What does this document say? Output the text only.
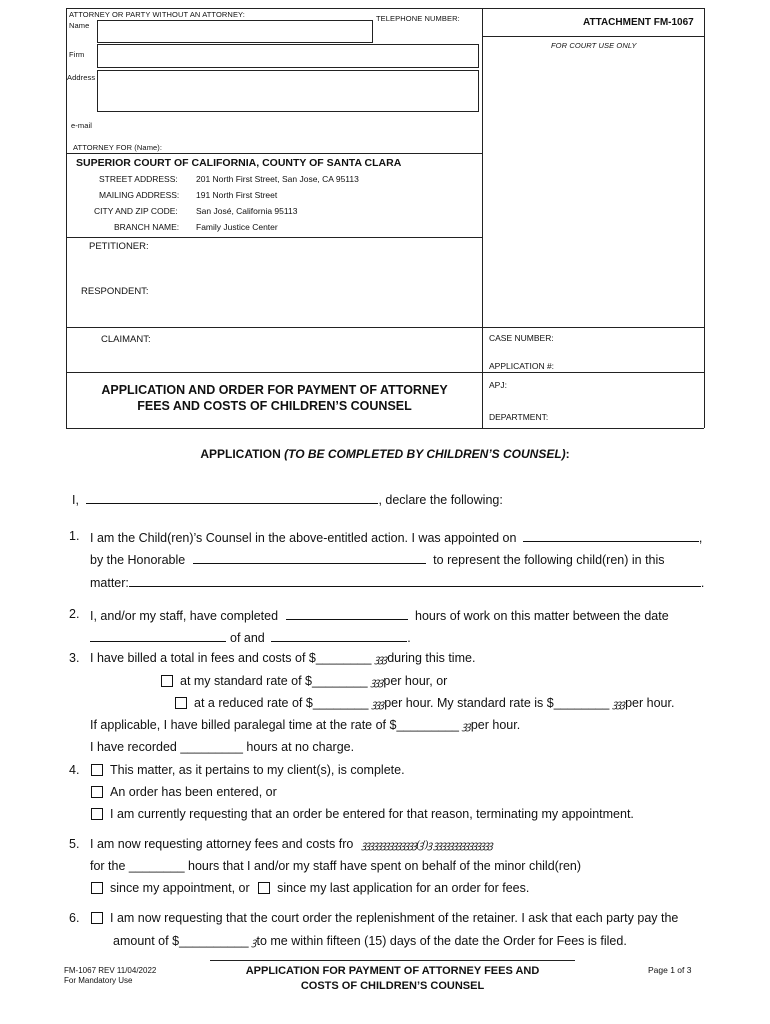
ATTORNEY OR PARTY WITHOUT AN ATTORNEY:	TELEPHONE NUMBER:
Name
Firm
Address
e-mail
ATTORNEY FOR (Name):
ATTACHMENT FM-1067
FOR COURT USE ONLY
SUPERIOR COURT OF CALIFORNIA, COUNTY OF SANTA CLARA
STREET ADDRESS: 201 North First Street, San Jose, CA 95113
MAILING ADDRESS: 191 North First Street
CITY AND ZIP CODE: San José, California 95113
BRANCH NAME: Family Justice Center
PETITIONER:
RESPONDENT:
CLAIMANT:	CASE NUMBER:
APPLICATION #:
APJ:
DEPARTMENT:
APPLICATION AND ORDER FOR PAYMENT OF ATTORNEY
FEES AND COSTS OF CHILDREN’S COUNSEL
APPLICATION (TO BE COMPLETED BY CHILDREN’S COUNSEL):
I,	, declare the following:
1. I am the Child(ren)’s Counsel in the above-entitled action. I was appointed on	,
by the Honorable	to represent the following child(ren) in this
matter:	.
2. I, and/or my staff, have completed	hours of work on this matter between the date
of and	.
3. I have billed a total in fees and costs of $________ ꝫꝫꝫduring this time.
at my standard rate of $________ ꝫꝫꝫper hour, or
at a reduced rate of $________ ꝫꝫꝫper hour. My standard rate is $________ ꝫꝫꝫper hour.
If applicable, I have billed paralegal time at the rate of $_________ ꝫꝫper hour.
I have recorded _________ hours at no charge.
4.	This matter, as it pertains to my client(s), is complete.
An order has been entered, or
I am currently requesting that an order be entered for that reason, terminating my appointment.
5. I am now requesting attorney fees and costs fro ꝫꝫꝫꝫꝫꝫꝫꝫꝫꝫꝫꝫꝫꝫ(ꝫ’)ꝫ ꝫꝫꝫꝫꝫꝫꝫꝫꝫꝫꝫꝫꝫꝫꝫ
for the ________ hours that I and/or my staff have spent on behalf of the minor child(ren)
since my appointment, or since my last application for an order for fees.
6.	I am now requesting that the court order the replenishment of the retainer. I ask that each party pay the
amount of $__________ ꝫto me within fifteen (15) days of the date the Order for Fees is filed.
FM-1067 REV 11/04/2022
For Mandatory Use
APPLICATION FOR PAYMENT OF ATTORNEY FEES AND
COSTS OF CHILDREN’S COUNSEL
Page 1 of 3
